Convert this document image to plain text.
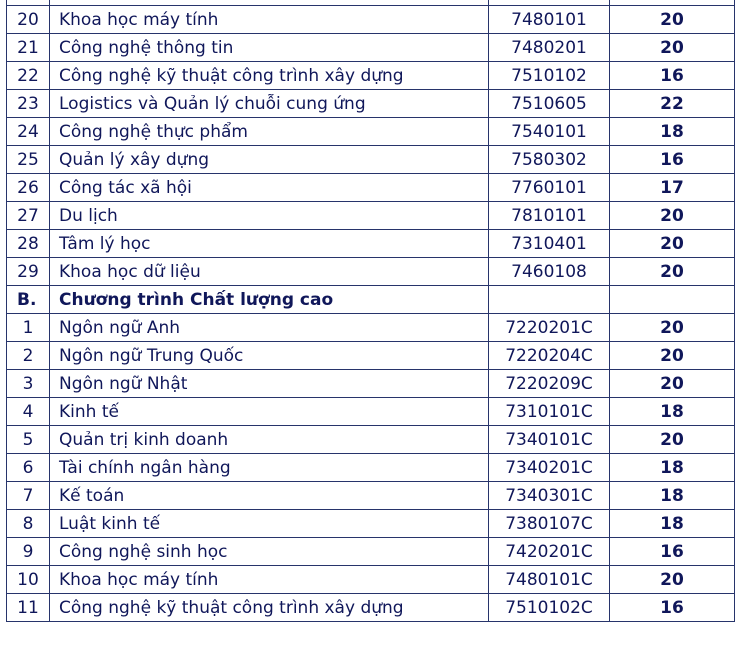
20	Khoa học máy tính	7480101	20
21	Công nghệ thông tin	7480201	20
22	Công nghệ kỹ thuật công trình xây dựng	7510102	16
23	Logistics và Quản lý chuỗi cung ứng	7510605	22
24	Công nghệ thực phẩm	7540101	18
25	Quản lý xây dựng	7580302	16
26	Công tác xã hội	7760101	17
27	Du lịch	7810101	20
28	Tâm lý học	7310401	20
29	Khoa học dữ liệu	7460108	20
B.	Chương trình Chất lượng cao		
1	Ngôn ngữ Anh	7220201C	20
2	Ngôn ngữ Trung Quốc	7220204C	20
3	Ngôn ngữ Nhật	7220209C	20
4	Kinh tế	7310101C	18
5	Quản trị kinh doanh	7340101C	20
6	Tài chính ngân hàng	7340201C	18
7	Kế toán	7340301C	18
8	Luật kinh tế	7380107C	18
9	Công nghệ sinh học	7420201C	16
10	Khoa học máy tính	7480101C	20
11	Công nghệ kỹ thuật công trình xây dựng	7510102C	16
